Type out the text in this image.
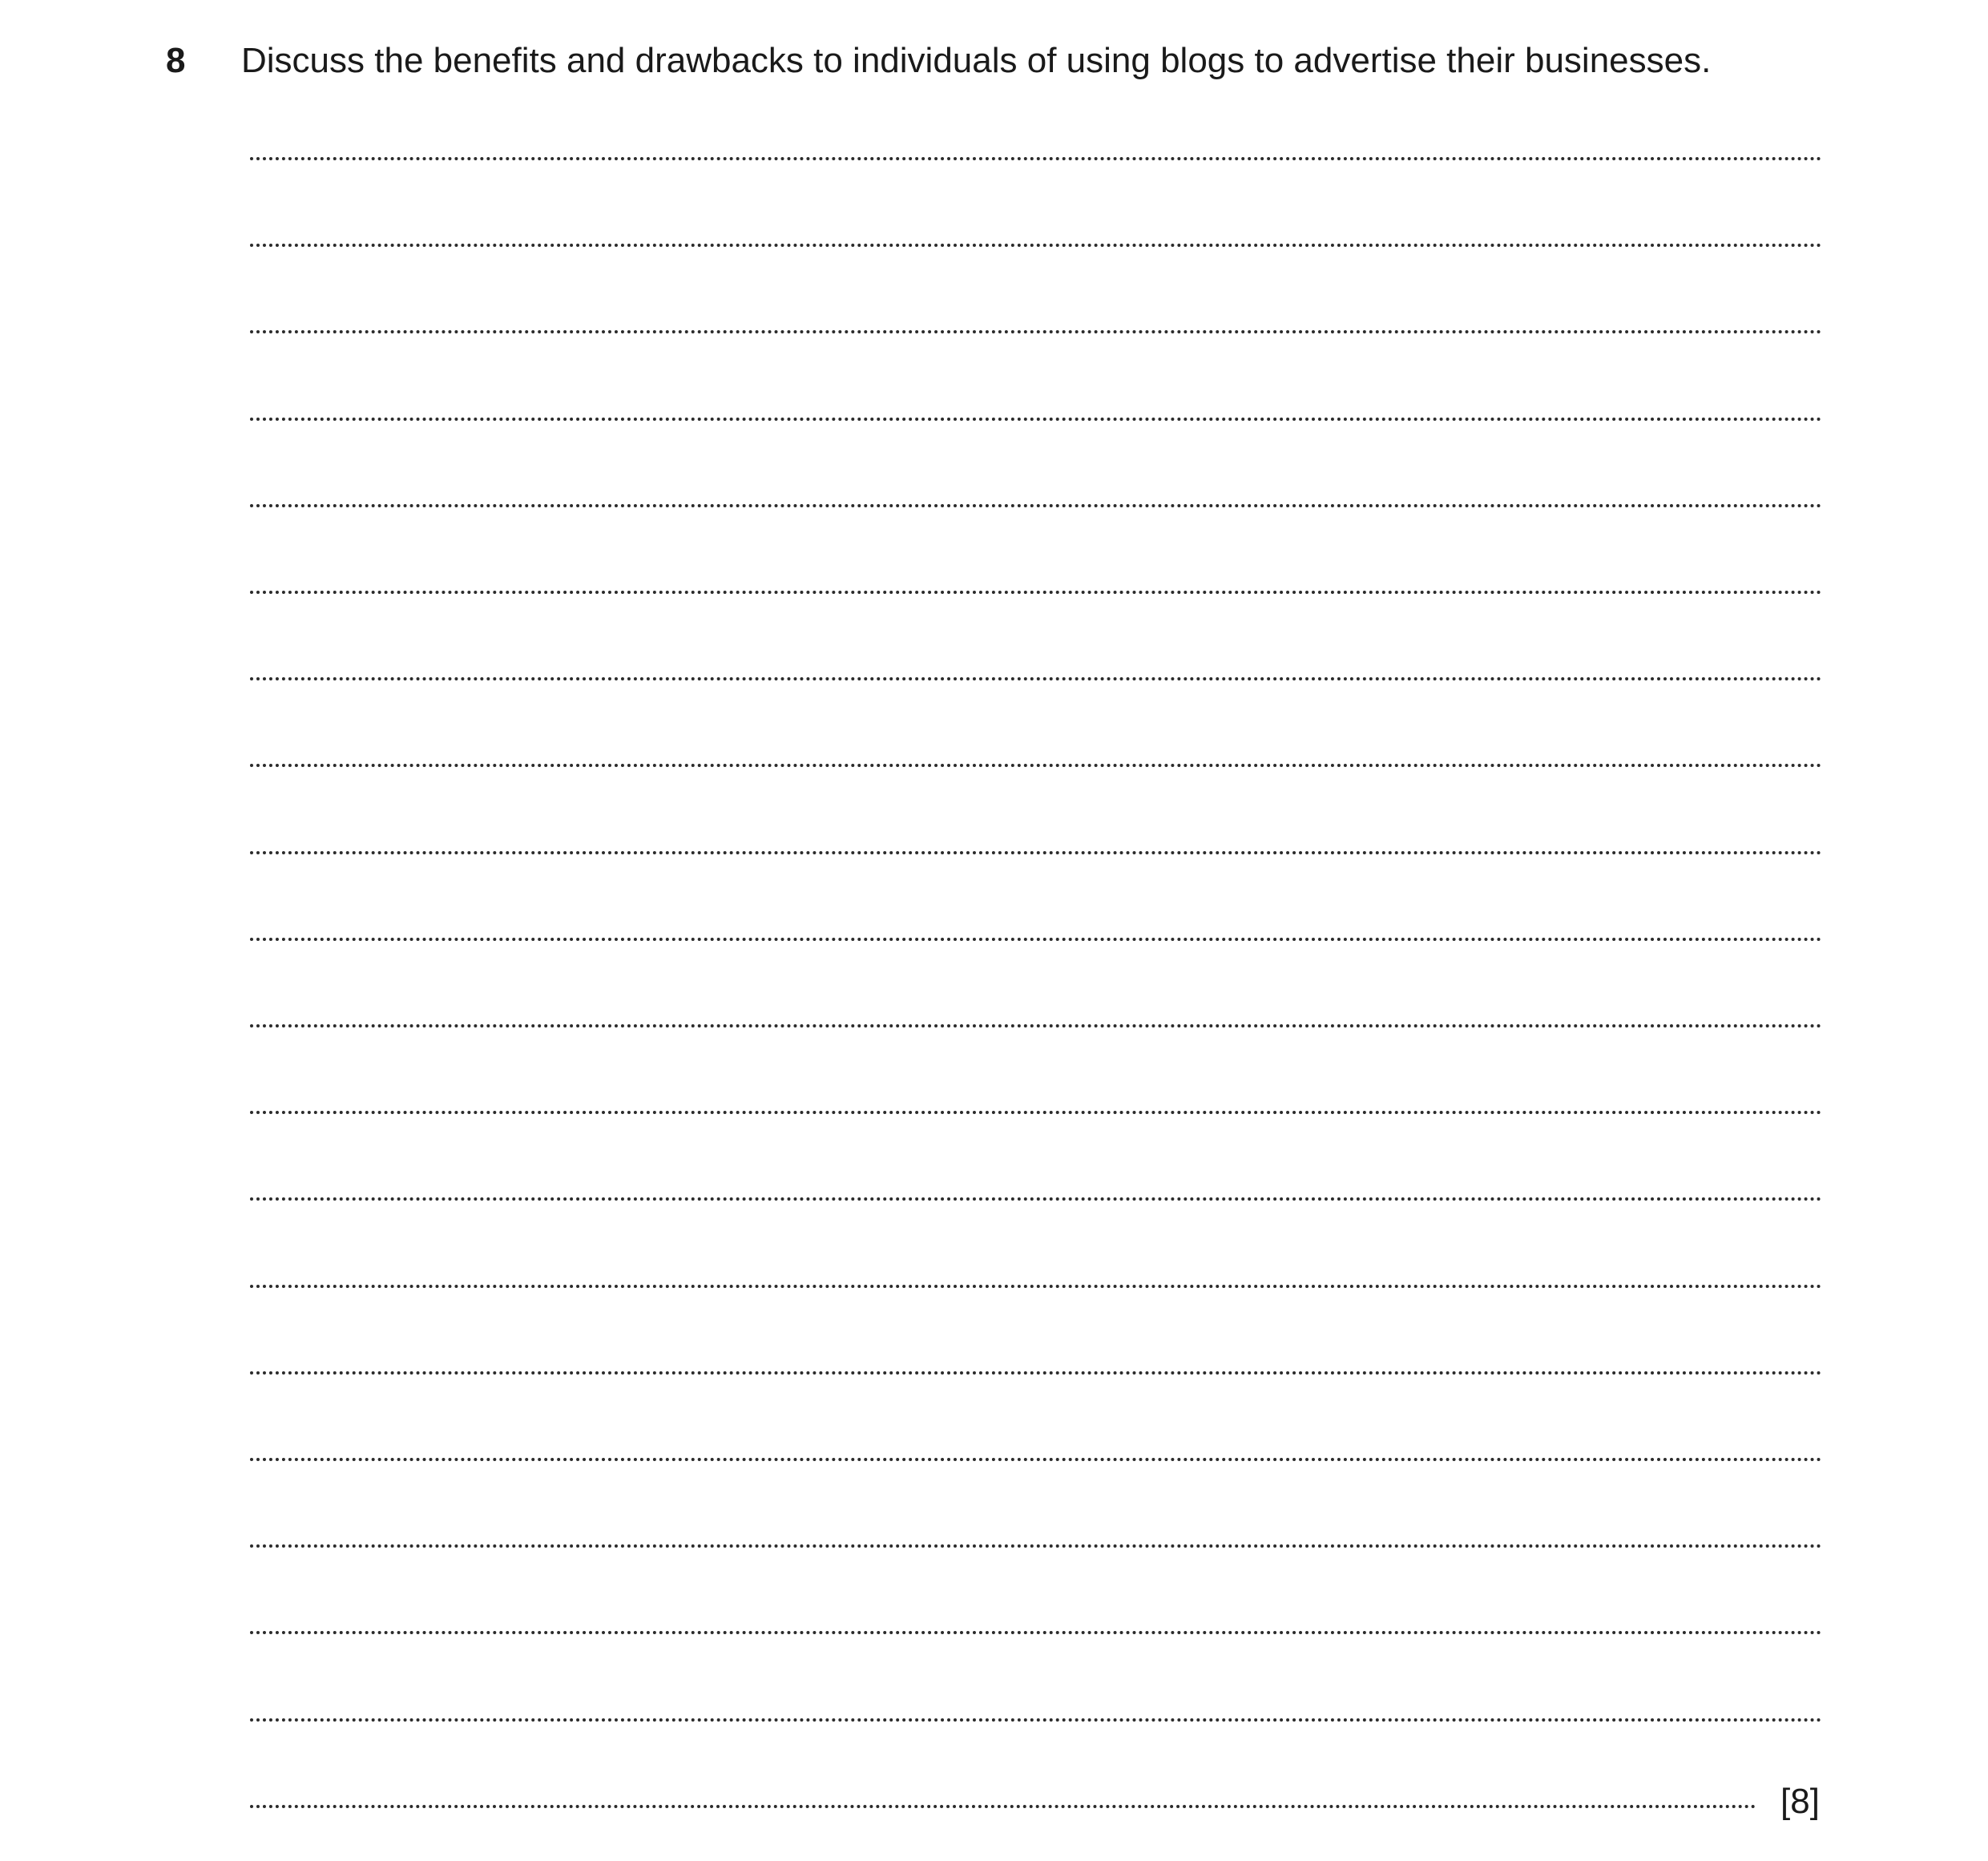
8 Discuss the benefits and drawbacks to individuals of using blogs to advertise their businesses.
[8]
